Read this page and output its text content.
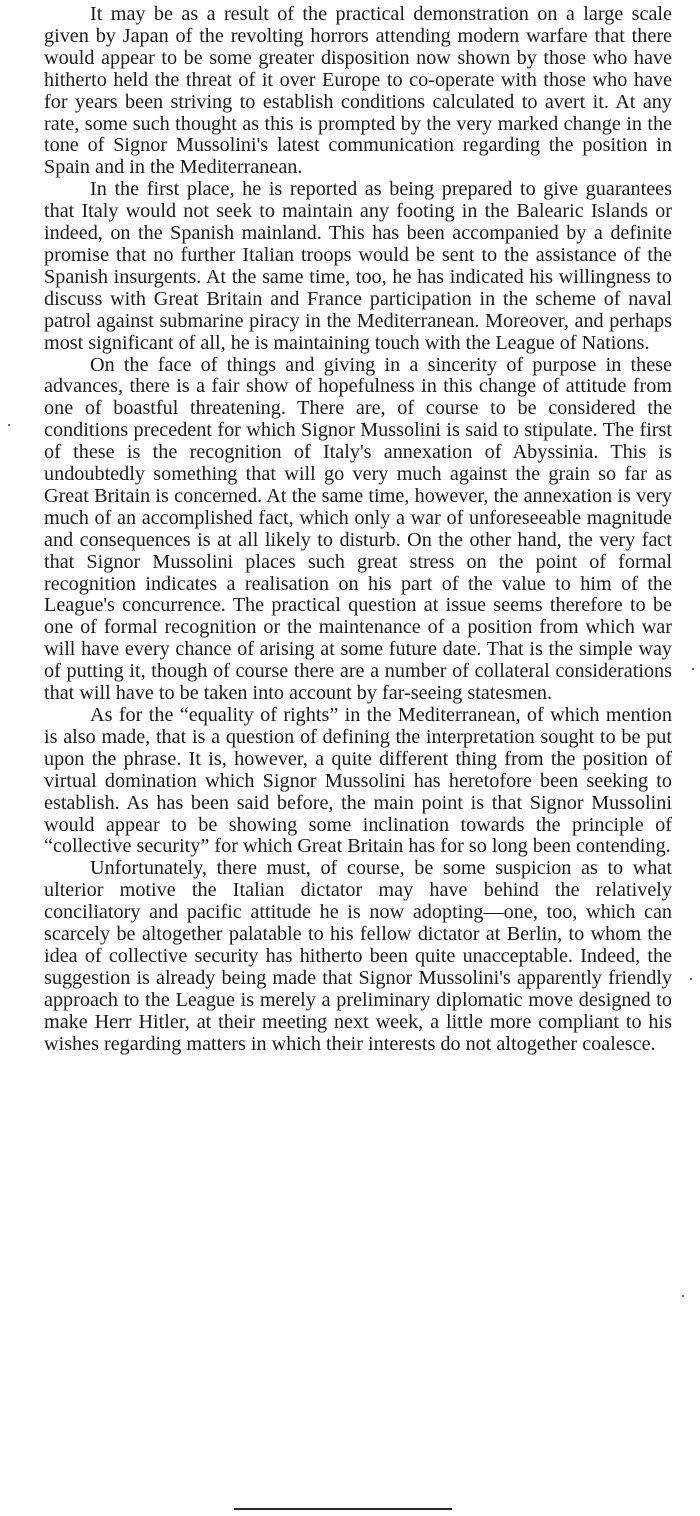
It may be as a result of the practical demonstration on a large scale given by Japan of the revolting horrors attending modern warfare that there would appear to be some greater disposition now shown by those who have hitherto held the threat of it over Europe to co-operate with those who have for years been striving to establish conditions calculated to avert it. At any rate, some such thought as this is prompted by the very marked change in the tone of Signor Mussolini's latest communication regarding the position in Spain and in the Mediterranean.

In the first place, he is reported as being prepared to give guarantees that Italy would not seek to maintain any footing in the Balearic Islands or indeed, on the Spanish mainland. This has been accompanied by a definite promise that no further Italian troops would be sent to the assistance of the Spanish insurgents. At the same time, too, he has indicated his willingness to discuss with Great Britain and France participation in the scheme of naval patrol against submarine piracy in the Mediterranean. Moreover, and perhaps most significant of all, he is maintaining touch with the League of Nations.

On the face of things and giving in a sincerity of purpose in these advances, there is a fair show of hopefulness in this change of attitude from one of boastful threatening. There are, of course to be considered the conditions precedent for which Signor Mussolini is said to stipulate. The first of these is the recognition of Italy's annexation of Abyssinia. This is undoubtedly something that will go very much against the grain so far as Great Britain is concerned. At the same time, however, the annexation is very much of an accomplished fact, which only a war of unforeseeable magnitude and consequences is at all likely to disturb. On the other hand, the very fact that Signor Mussolini places such great stress on the point of formal recognition indicates a realisation on his part of the value to him of the League's concurrence. The practical question at issue seems therefore to be one of formal recognition or the maintenance of a position from which war will have every chance of arising at some future date. That is the simple way of putting it, though of course there are a number of collateral considerations that will have to be taken into account by far-seeing statesmen.

As for the “equality of rights” in the Mediterranean, of which mention is also made, that is a question of defining the interpretation sought to be put upon the phrase. It is, however, a quite different thing from the position of virtual domination which Signor Mussolini has heretofore been seeking to establish. As has been said before, the main point is that Signor Mussolini would appear to be showing some inclination towards the principle of “collective security” for which Great Britain has for so long been contending.

Unfortunately, there must, of course, be some suspicion as to what ulterior motive the Italian dictator may have behind the relatively conciliatory and pacific attitude he is now adopting—one, too, which can scarcely be altogether palatable to his fellow dictator at Berlin, to whom the idea of collective security has hitherto been quite unacceptable. Indeed, the suggestion is already being made that Signor Mussolini's apparently friendly approach to the League is merely a preliminary diplomatic move designed to make Herr Hitler, at their meeting next week, a little more compliant to his wishes regarding matters in which their interests do not altogether coalesce.
